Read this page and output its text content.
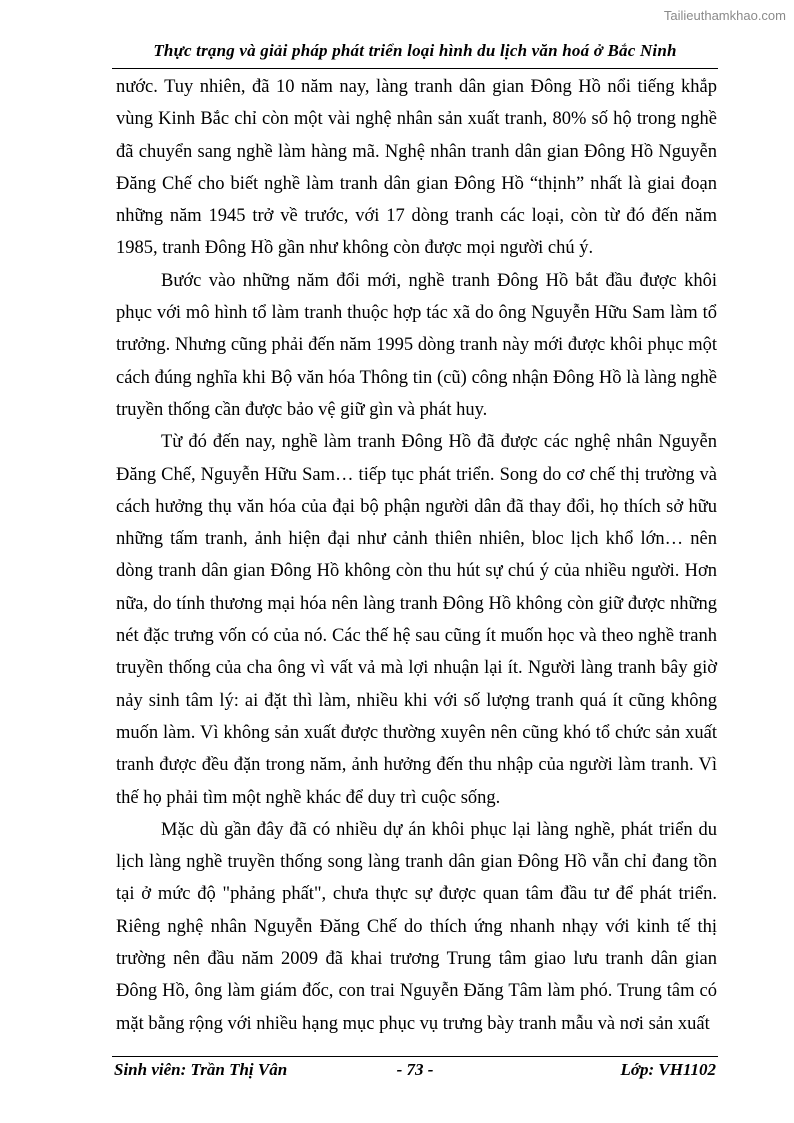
Tailieuthamkhao.com
Thực trạng và giải pháp phát triển loại hình du lịch văn hoá ở Bắc Ninh

nước. Tuy nhiên, đã 10 năm nay, làng tranh dân gian Đông Hồ nổi tiếng khắp vùng Kinh Bắc chỉ còn một vài nghệ nhân sản xuất tranh, 80% số hộ trong nghề đã chuyển sang nghề làm hàng mã. Nghệ nhân tranh dân gian Đông Hồ Nguyễn Đăng Chế cho biết nghề làm tranh dân gian Đông Hồ “thịnh” nhất là giai đoạn những năm 1945 trở về trước, với 17 dòng tranh các loại, còn từ đó đến năm 1985, tranh Đông Hồ gần như không còn được mọi người chú ý.

Bước vào những năm đổi mới, nghề tranh Đông Hồ bắt đầu được khôi phục với mô hình tổ làm tranh thuộc hợp tác xã do ông Nguyễn Hữu Sam làm tổ trưởng. Nhưng cũng phải đến năm 1995 dòng tranh này mới được khôi phục một cách đúng nghĩa khi Bộ văn hóa Thông tin (cũ) công nhận Đông Hồ là làng nghề truyền thống cần được bảo vệ giữ gìn và phát huy.

Từ đó đến nay, nghề làm tranh Đông Hồ đã được các nghệ nhân Nguyễn Đăng Chế, Nguyễn Hữu Sam… tiếp tục phát triển. Song do cơ chế thị trường và cách hưởng thụ văn hóa của đại bộ phận người dân đã thay đổi, họ thích sở hữu những tấm tranh, ảnh hiện đại như cảnh thiên nhiên, bloc lịch khổ lớn… nên dòng tranh dân gian Đông Hồ không còn thu hút sự chú ý của nhiều người. Hơn nữa, do tính thương mại hóa nên làng tranh Đông Hồ không còn giữ được những nét đặc trưng vốn có của nó. Các thế hệ sau cũng ít muốn học và theo nghề tranh truyền thống của cha ông vì vất vả mà lợi nhuận lại ít. Người làng tranh bây giờ nảy sinh tâm lý: ai đặt thì làm, nhiều khi với số lượng tranh quá ít cũng không muốn làm. Vì không sản xuất được thường xuyên nên cũng khó tổ chức sản xuất tranh được đều đặn trong năm, ảnh hưởng đến thu nhập của người làm tranh. Vì thế họ phải tìm một nghề khác để duy trì cuộc sống.

Mặc dù gần đây đã có nhiều dự án khôi phục lại làng nghề, phát triển du lịch làng nghề truyền thống song làng tranh dân gian Đông Hồ vẫn chỉ đang tồn tại ở mức độ "phảng phất", chưa thực sự được quan tâm đầu tư để phát triển. Riêng nghệ nhân Nguyễn Đăng Chế do thích ứng nhanh nhạy với kinh tế thị trường nên đầu năm 2009 đã khai trương Trung tâm giao lưu tranh dân gian Đông Hồ, ông làm giám đốc, con trai Nguyễn Đăng Tâm làm phó. Trung tâm có mặt bằng rộng với nhiều hạng mục phục vụ trưng bày tranh mẫu và nơi sản xuất

Sinh viên: Trần Thị Vân	- 73 -	Lớp: VH1102
